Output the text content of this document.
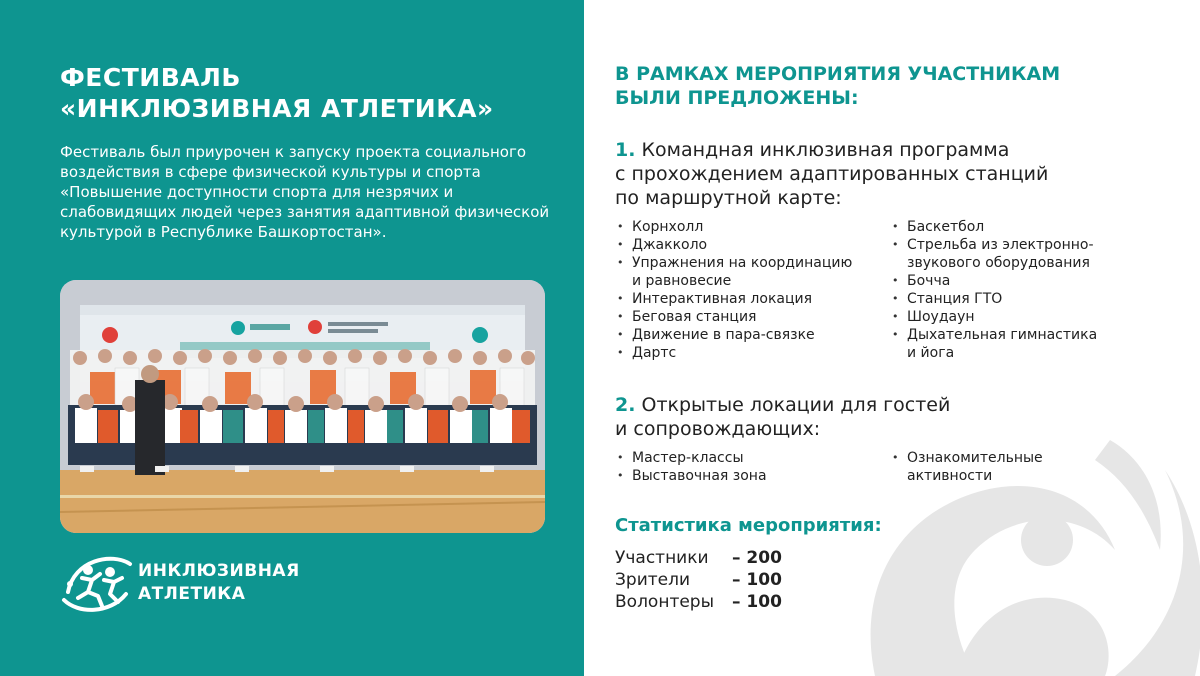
ФЕСТИВАЛЬ
«ИНКЛЮЗИВНАЯ АТЛЕТИКА»

Фестиваль был приурочен к запуску проекта социального воздействия в сфере физической культуры и спорта «Повышение доступности спорта для незрячих и слабовидящих людей через занятия адаптивной физической культурой в Республике Башкортостан».

ИНКЛЮЗИВНАЯ
АТЛЕТИКА
В РАМКАХ МЕРОПРИЯТИЯ УЧАСТНИКАМ
БЫЛИ ПРЕДЛОЖЕНЫ:
1. Командная инклюзивная программа
с прохождением адаптированных станций
по маршрутной карте:
• Корнхолл
• Джакколо
• Упражнения на координацию
и равновесие
• Интерактивная локация
• Беговая станция
• Движение в пара-связке
• Дартс
• Баскетбол
• Стрельба из электронно-
звукового оборудования
• Бочча
• Станция ГТО
• Шоудаун
• Дыхательная гимнастика
и йога
2. Открытые локации для гостей
и сопровождающих:
• Мастер-классы
• Выставочная зона
• Ознакомительные
активности
Статистика мероприятия:
Участники	– 200
Зрители	– 100
Волонтеры	– 100
